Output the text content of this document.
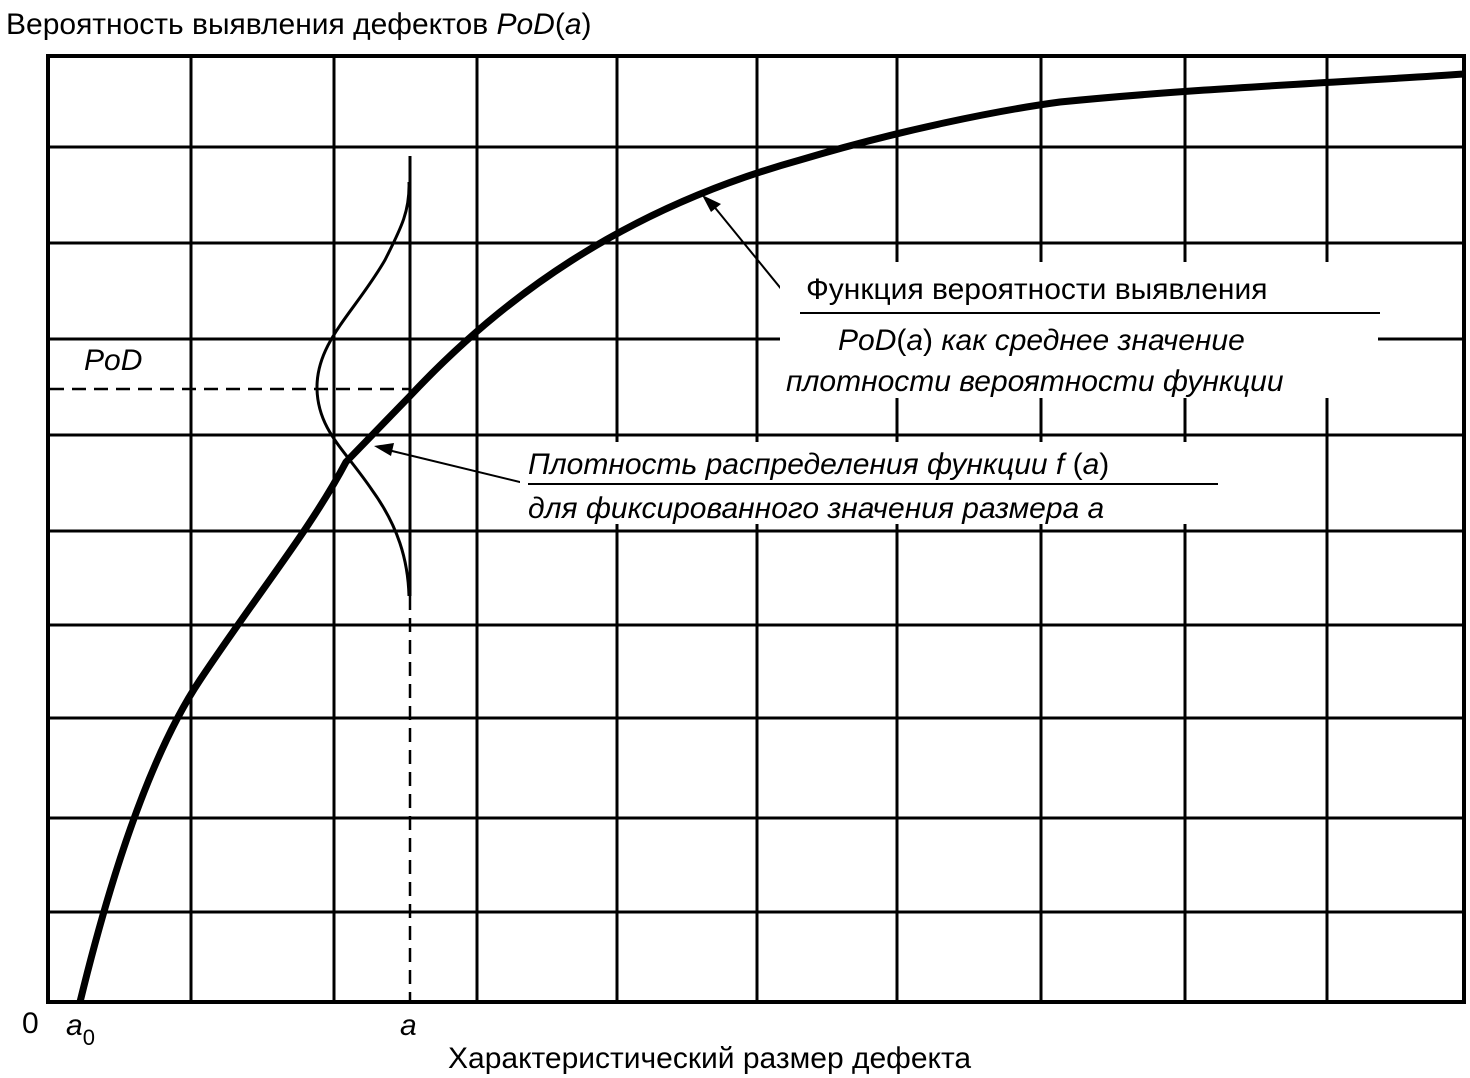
Вероятность выявления дефектов PoD(a)
PoD
Функция вероятности выявления
PoD(a) как среднее значение
плотности вероятности функции
Плотность распределения функции f (a)
для фиксированного значения размера a
0 $a_0$	a
Характеристический размер дефекта
